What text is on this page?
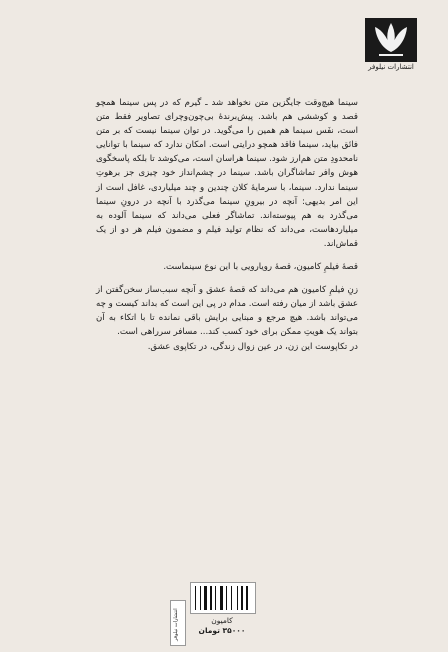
انتشارات نیلوفر

سینما هیچ‌وقت جایگزین متن نخواهد شد ـ گیرم که در پس سینما همچو قصد و کوششی هم باشد. پیش‌برندهٔ بی‌چون‌وچرای تصاویر فقط متن است، نفَس سینما هم همین را می‌گوید. در توان سینما نیست که بر متن فائق بیاید، سینما فاقد همچو درایتی است. امکان ندارد که سینما با توانایی نامحدودِ متن هم‌ارز شود. سینما هراسان است، می‌کوشد تا بلکه پاسخگوی هوش وافر تماشاگران باشد. سینما در چشم‌انداز خود چیزی جز برهوتِ سینما ندارد. سینما، با سرمایهٔ کلان چندین و چند میلیاردی، غافل است از این امر بدیهی: آنچه در بیرونِ سینما می‌گذرد با آنچه در درونِ سینما می‌گذرد به هم پیوسته‌اند. تماشاگر فعلی می‌داند که سینما آلوده به میلیاردهاست، می‌داند که نظام تولید فیلم و مضمون فیلم هر دو از یک قماش‌اند.

قصهٔ فیلمِ کامیون، قصهٔ رویارویی با این نوع سینماست.

زنِ فیلمِ کامیون هم می‌داند که قصهٔ عشق و آنچه سبب‌ساز سخن‌گفتن از عشق باشد از میان رفته است. مدام در پی این است که بداند کیست و چه می‌تواند باشد. هیچ مرجع و مبنایی برایش باقی نمانده تا با اتکاء به آن بتواند یک هویتِ ممکن برای خود کسب کند... مسافر سرراهی است.

در تکاپوست این زن، در عین زوال زندگی، در تکاپوی عشق.

انتشارات نیلوفر	کامیون
۳۵۰۰۰ تومان
